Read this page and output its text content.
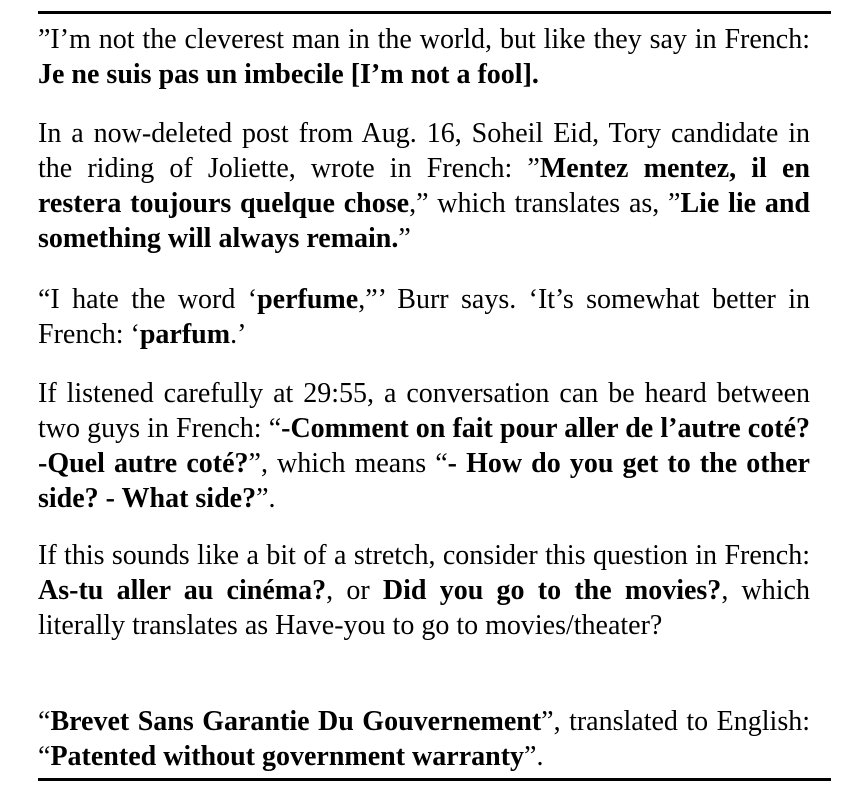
”I’m not the cleverest man in the world, but like they say in French: Je ne suis pas un imbecile [I’m not a fool].
In a now-deleted post from Aug. 16, Soheil Eid, Tory candidate in the riding of Joliette, wrote in French: ”Mentez mentez, il en restera toujours quelque chose,” which translates as, ”Lie lie and something will always remain.”
“I hate the word ‘perfume,”’ Burr says. ‘It’s somewhat better in French: ‘parfum.’
If listened carefully at 29:55, a conversation can be heard between two guys in French: “-Comment on fait pour aller de l’autre coté? -Quel autre coté?”, which means “- How do you get to the other side? - What side?”.
If this sounds like a bit of a stretch, consider this question in French: As-tu aller au cinéma?, or Did you go to the movies?, which literally translates as Have-you to go to movies/theater?
“Brevet Sans Garantie Du Gouvernement”, translated to English: “Patented without government warranty”.
